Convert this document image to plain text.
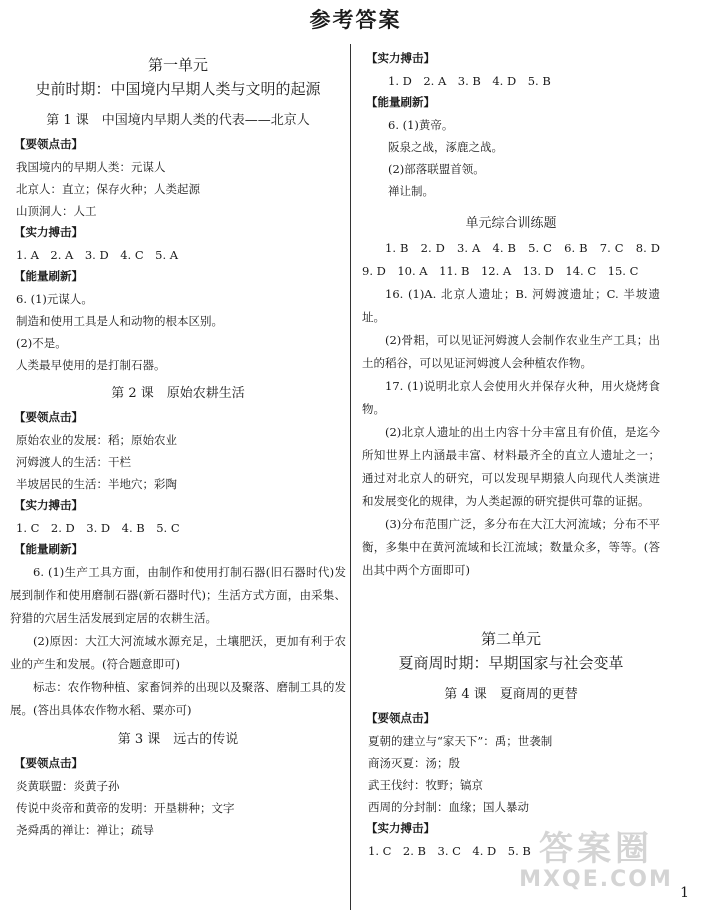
参考答案
第一单元
史前时期：中国境内早期人类与文明的起源
第 1 课　中国境内早期人类的代表——北京人
【要领点击】
我国境内的早期人类：元谋人
北京人：直立；保存火种；人类起源
山顶洞人：人工
【实力搏击】
1. A　2. A　3. D　4. C　5. A
【能量刷新】
6. (1)元谋人。
制造和使用工具是人和动物的根本区别。
(2)不是。
人类最早使用的是打制石器。
第 2 课　原始农耕生活
【要领点击】
原始农业的发展：稻；原始农业
河姆渡人的生活：干栏
半坡居民的生活：半地穴；彩陶
【实力搏击】
1. C　2. D　3. D　4. B　5. C
【能量刷新】

6. (1)生产工具方面，由制作和使用打制石器(旧石器时代)发展到制作和使用磨制石器(新石器时代)；生活方式方面，由采集、狩猎的穴居生活发展到定居的农耕生活。

(2)原因：大江大河流域水源充足，土壤肥沃，更加有利于农业的产生和发展。(符合题意即可)

标志：农作物种植、家畜饲养的出现以及聚落、磨制工具的发展。(答出具体农作物水稻、粟亦可)

第 3 课　远古的传说
【要领点击】
炎黄联盟：炎黄子孙
传说中炎帝和黄帝的发明：开垦耕种；文字
尧舜禹的禅让：禅让；疏导
【实力搏击】
1. D　2. A　3. B　4. D　5. B
【能量刷新】
6. (1)黄帝。
阪泉之战，涿鹿之战。
(2)部落联盟首领。
禅让制。
单元综合训练题

1. B　2. D　3. A　4. B　5. C　6. B　7. C　8. D　9. D　10. A　11. B　12. A　13. D　14. C　15. C

16. (1)A. 北京人遗址；B. 河姆渡遗址；C. 半坡遗址。

(2)骨耜，可以见证河姆渡人会制作农业生产工具；出土的稻谷，可以见证河姆渡人会种植农作物。

17. (1)说明北京人会使用火并保存火种，用火烧烤食物。

(2)北京人遗址的出土内容十分丰富且有价值，是迄今所知世界上内涵最丰富、材料最齐全的直立人遗址之一；通过对北京人的研究，可以发现早期猿人向现代人类演进和发展变化的规律，为人类起源的研究提供可靠的证据。

(3)分布范围广泛，多分布在大江大河流域；分布不平衡，多集中在黄河流域和长江流域；数量众多，等等。(答出其中两个方面即可)

第二单元
夏商周时期：早期国家与社会变革
第 4 课　夏商周的更替
【要领点击】
夏朝的建立与“家天下”：禹；世袭制
商汤灭夏：汤；殷
武王伐纣：牧野；镐京
西周的分封制：血缘；国人暴动
【实力搏击】
1. C　2. B　3. C　4. D　5. B 答案圈
MXQE.COM
1
